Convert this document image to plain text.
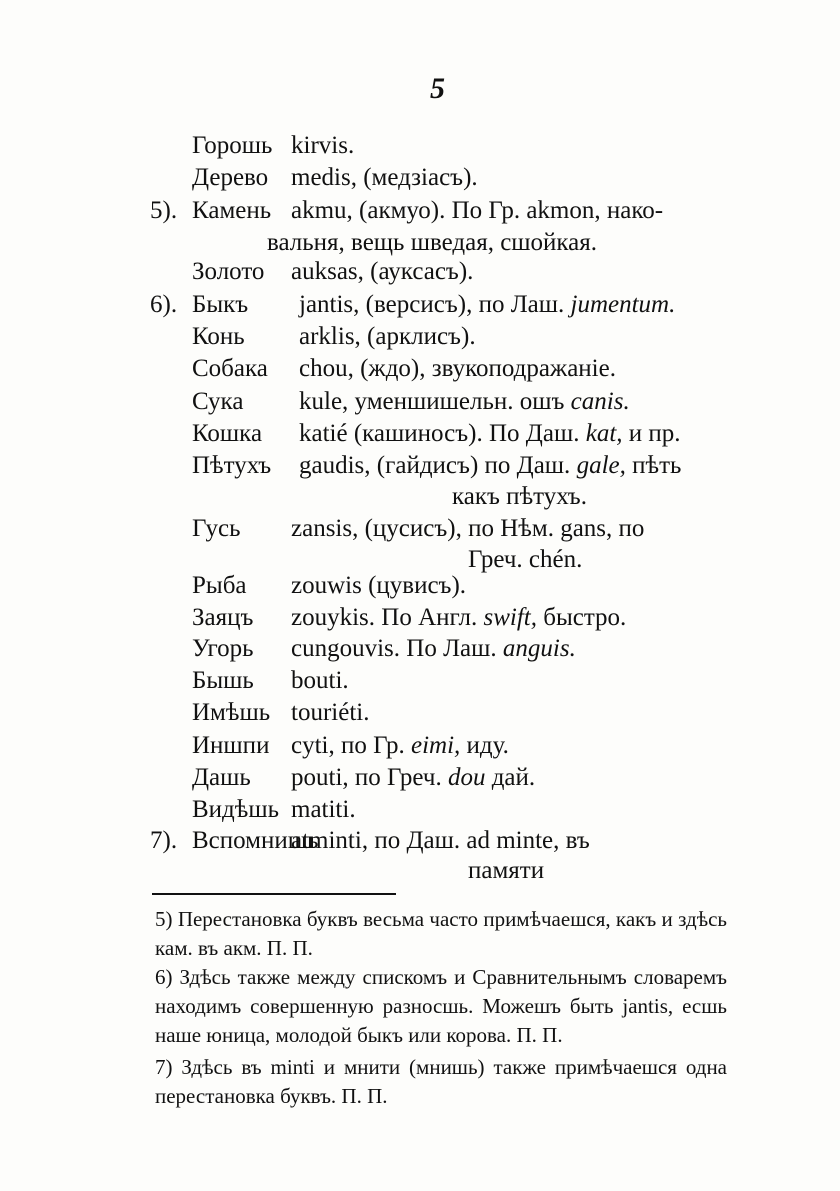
5
Горошь kirvis.
Дерево medis, (медзіасъ).
5). Камень akmu, (акмуо). По Гр. akmon, нако-
вальня, вещь шведая, сшойкая.
Золото auksas, (ауксасъ).
6). Быкъ jantis, (версисъ), по Лаш. jumentum.
Конь arklis, (арклисъ).
Собака chou, (ждо), звукоподражаніе.
Сука kule, уменшишельн. ошъ canis.
Кошка katié (кашиносъ). По Даш. kat, и пр.
Пѣтухъ gaudis, (гайдисъ) по Даш. gale, пѣть
какъ пѣтухъ.
Гусь zansis, (цусисъ), по Нѣм. gans, по
Греч. chén.
Рыба zouwis (цувисъ).
Заяцъ zouykis. По Англ. swift, быстро.
Угорь cungouvis. По Лаш. anguis.
Бышь bouti.
Имѣшь touriéti.
Иншпи cyti, по Гр. eimi, иду.
Дашь pouti, по Греч. dou дай.
Видѣшь matiti.
7). Вспомнишь
atminti, по Даш. ad minte, въ
памяти
5) Перестановка буквъ весьма часто примѣчаешся, какъ и здѣсь кам. въ акм. П. П.
6) Здѣсь также между спискомъ и Сравнительнымъ словаремъ находимъ совершенную разносшь. Можешъ быть jantis, есшь наше юница, молодой быкъ или корова. П. П.
7) Здѣсь въ minti и мнити (мнишь) также примѣчаешся одна перестановка буквъ. П. П.
